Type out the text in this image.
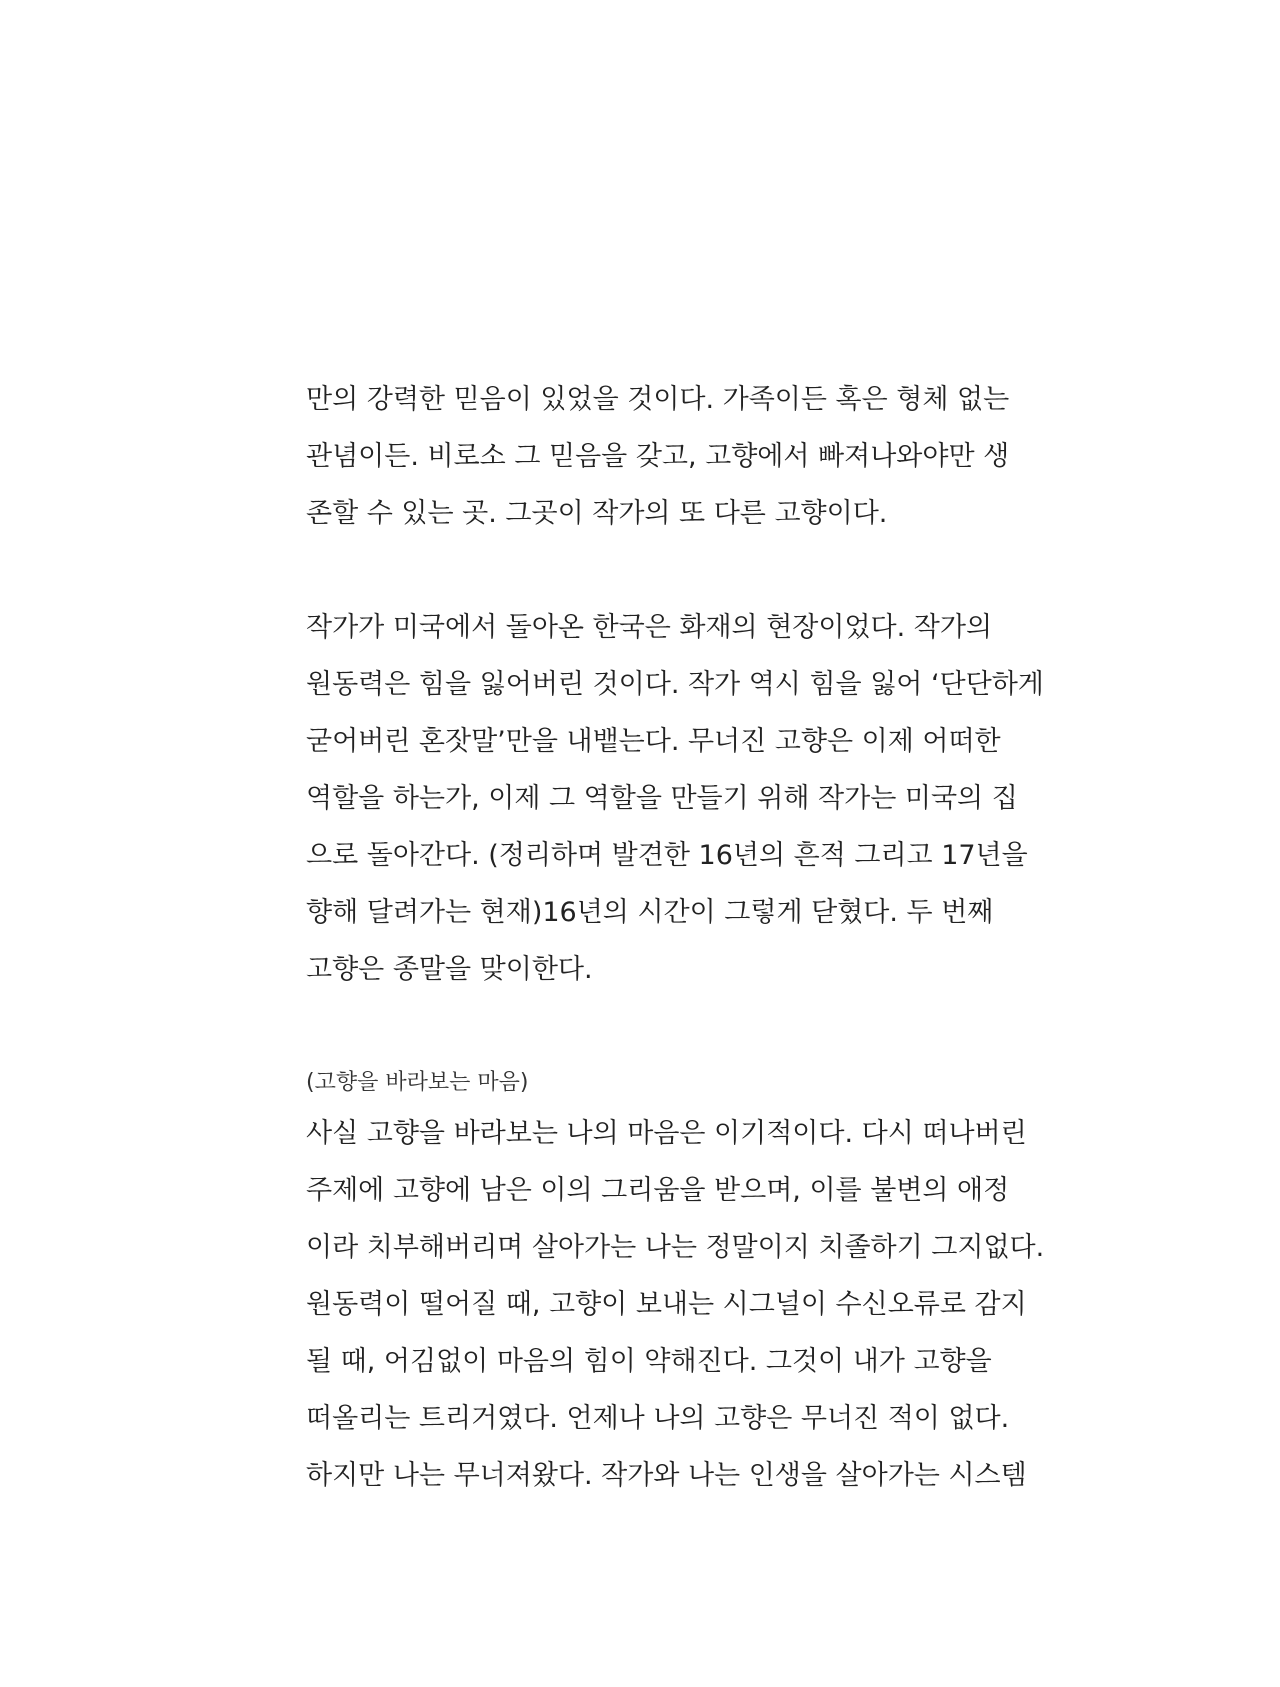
만의 강력한 믿음이 있었을 것이다. 가족이든 혹은 형체 없는
관념이든. 비로소 그 믿음을 갖고, 고향에서 빠져나와야만 생
존할 수 있는 곳. 그곳이 작가의 또 다른 고향이다.
작가가 미국에서 돌아온 한국은 화재의 현장이었다. 작가의
원동력은 힘을 잃어버린 것이다. 작가 역시 힘을 잃어 ‘단단하게
굳어버린 혼잣말’만을 내뱉는다. 무너진 고향은 이제 어떠한
역할을 하는가, 이제 그 역할을 만들기 위해 작가는 미국의 집
으로 돌아간다. (정리하며 발견한 16년의 흔적 그리고 17년을
향해 달려가는 현재)16년의 시간이 그렇게 닫혔다. 두 번째
고향은 종말을 맞이한다.
(고향을 바라보는 마음)
사실 고향을 바라보는 나의 마음은 이기적이다. 다시 떠나버린
주제에 고향에 남은 이의 그리움을 받으며, 이를 불변의 애정
이라 치부해버리며 살아가는 나는 정말이지 치졸하기 그지없다.
원동력이 떨어질 때, 고향이 보내는 시그널이 수신오류로 감지
될 때, 어김없이 마음의 힘이 약해진다. 그것이 내가 고향을
떠올리는 트리거였다. 언제나 나의 고향은 무너진 적이 없다.
하지만 나는 무너져왔다. 작가와 나는 인생을 살아가는 시스템
